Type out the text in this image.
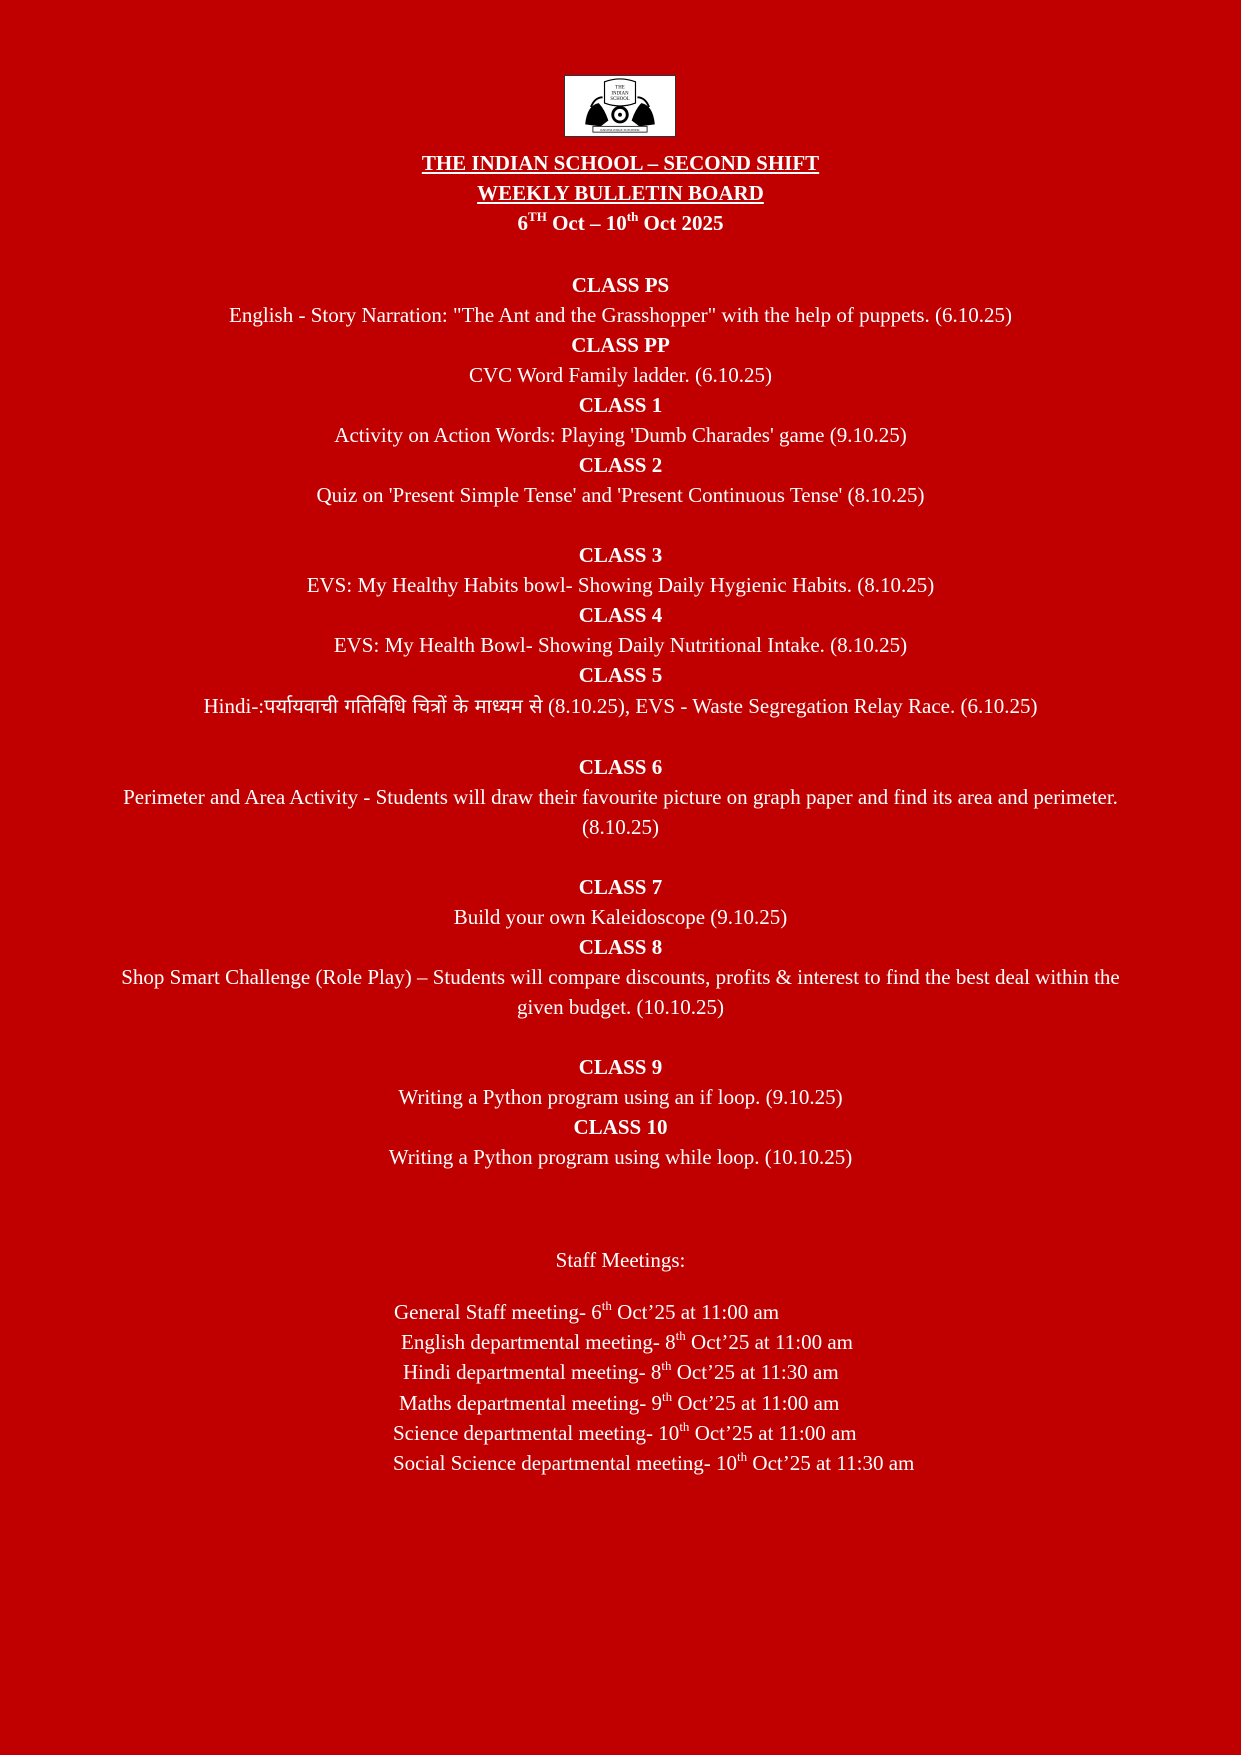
THE
INDIAN
SCHOOL
KNOWLEDGE IS POWER
THE INDIAN SCHOOL – SECOND SHIFT
WEEKLY BULLETIN BOARD
6TH Oct – 10th Oct 2025
CLASS PS
English - Story Narration: "The Ant and the Grasshopper" with the help of puppets. (6.10.25)
CLASS PP
CVC Word Family ladder. (6.10.25)
CLASS 1
Activity on Action Words: Playing 'Dumb Charades' game (9.10.25)
CLASS 2
Quiz on 'Present Simple Tense' and 'Present Continuous Tense' (8.10.25)
CLASS 3
EVS: My Healthy Habits bowl- Showing Daily Hygienic Habits. (8.10.25)
CLASS 4
EVS: My Health Bowl- Showing Daily Nutritional Intake. (8.10.25)
CLASS 5
Hindi-:पर्यायवाची गतिविधि चित्रों के माध्यम से (8.10.25), EVS - Waste Segregation Relay Race. (6.10.25)
CLASS 6
Perimeter and Area Activity - Students will draw their favourite picture on graph paper and find its area and perimeter. (8.10.25)
CLASS 7
Build your own Kaleidoscope (9.10.25)
CLASS 8
Shop Smart Challenge (Role Play) – Students will compare discounts, profits & interest to find the best deal within the given budget. (10.10.25)
CLASS 9
Writing a Python program using an if loop. (9.10.25)
CLASS 10
Writing a Python program using while loop. (10.10.25)
Staff Meetings:
General Staff meeting- 6th Oct’25 at 11:00 am
English departmental meeting- 8th Oct’25 at 11:00 am
Hindi departmental meeting- 8th Oct’25 at 11:30 am
Maths departmental meeting- 9th Oct’25 at 11:00 am
Science departmental meeting- 10th Oct’25 at 11:00 am
Social Science departmental meeting- 10th Oct’25 at 11:30 am
